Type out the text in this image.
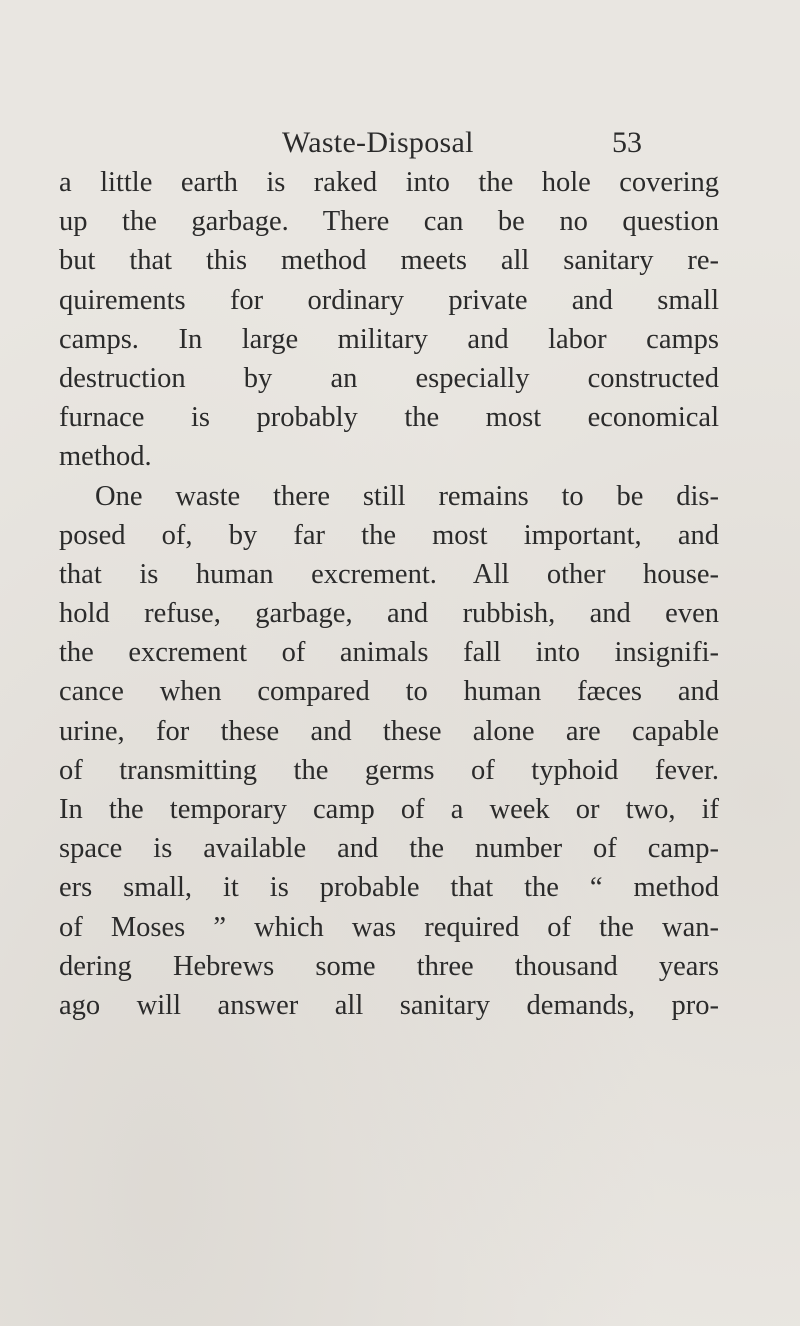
Waste-Disposal	53
a little earth is raked into the hole covering
up the garbage. There can be no question
but that this method meets all sanitary re-
quirements for ordinary private and small
camps. In large military and labor camps
destruction by an especially constructed
furnace is probably the most economical
method.
One waste there still remains to be dis-
posed of, by far the most important, and
that is human excrement. All other house-
hold refuse, garbage, and rubbish, and even
the excrement of animals fall into insignifi-
cance when compared to human fæces and
urine, for these and these alone are capable
of transmitting the germs of typhoid fever.
In the temporary camp of a week or two, if
space is available and the number of camp-
ers small, it is probable that the “ method
of Moses ” which was required of the wan-
dering Hebrews some three thousand years
ago will answer all sanitary demands, pro-
